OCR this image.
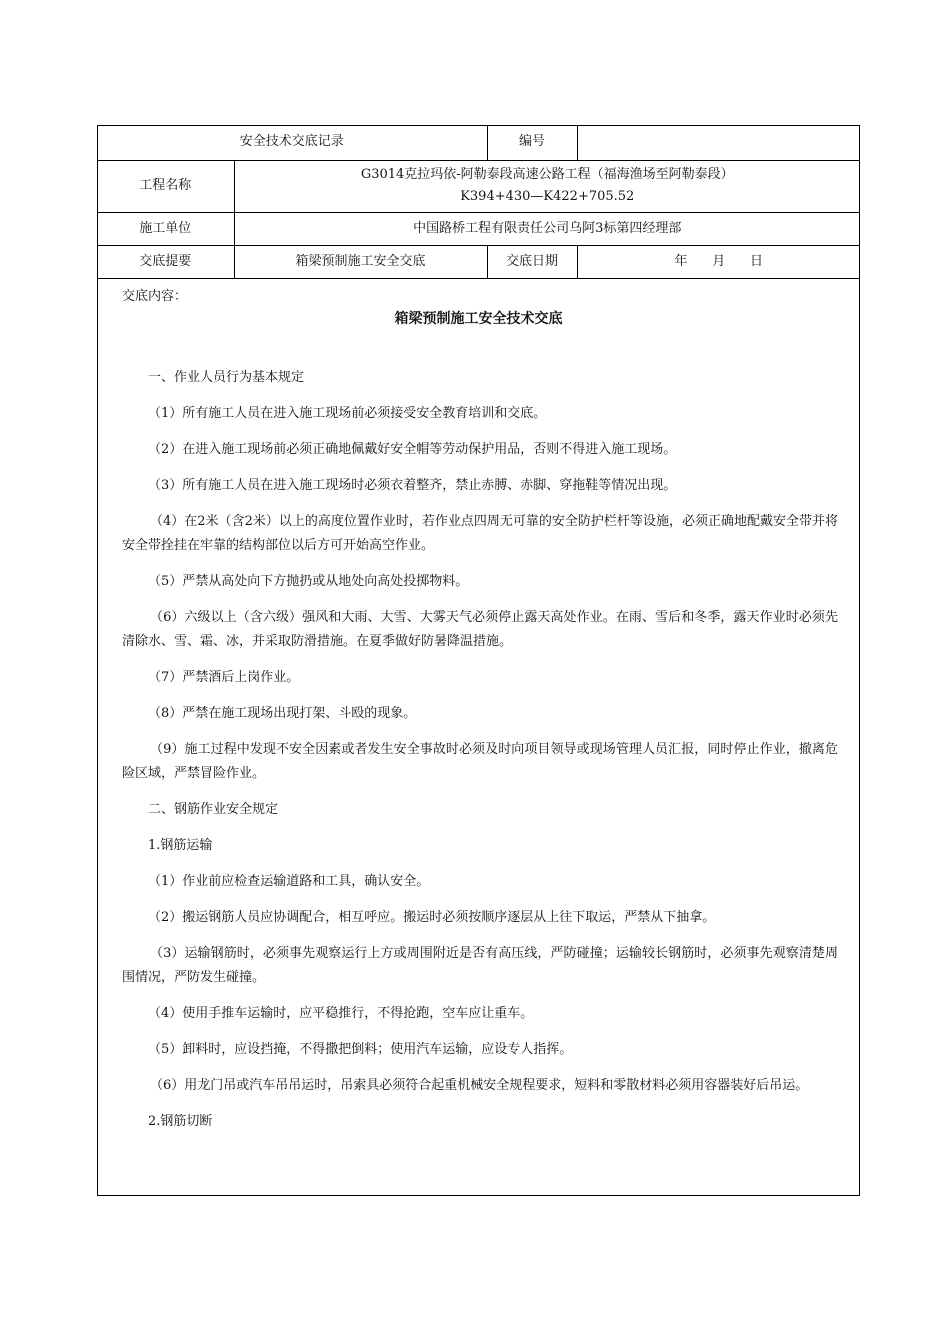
安全技术交底记录		编号	
工程名称	G3014克拉玛依-阿勒泰段高速公路工程（福海渔场至阿勒泰段）
K394+430—K422+705.52		

施工单位	中国路桥工程有限责任公司乌阿3标第四经理部		
交底提要	箱梁预制施工安全交底	交底日期	年      月      日
交底内容：
箱梁预制施工安全技术交底

一、作业人员行为基本规定

（1）所有施工人员在进入施工现场前必须接受安全教育培训和交底。

（2）在进入施工现场前必须正确地佩戴好安全帽等劳动保护用品，否则不得进入施工现场。

（3）所有施工人员在进入施工现场时必须衣着整齐，禁止赤膊、赤脚、穿拖鞋等情况出现。

（4）在2米（含2米）以上的高度位置作业时，若作业点四周无可靠的安全防护栏杆等设施，必须正确地配戴安全带并将安全带拴挂在牢靠的结构部位以后方可开始高空作业。

（5）严禁从高处向下方抛扔或从地处向高处投掷物料。

（6）六级以上（含六级）强风和大雨、大雪、大雾天气必须停止露天高处作业。在雨、雪后和冬季，露天作业时必须先清除水、雪、霜、冰，并采取防滑措施。在夏季做好防暑降温措施。

（7）严禁酒后上岗作业。

（8）严禁在施工现场出现打架、斗殴的现象。

（9）施工过程中发现不安全因素或者发生安全事故时必须及时向项目领导或现场管理人员汇报，同时停止作业，撤离危险区域，严禁冒险作业。

二、钢筋作业安全规定

1.钢筋运输

（1）作业前应检查运输道路和工具，确认安全。

（2）搬运钢筋人员应协调配合，相互呼应。搬运时必须按顺序逐层从上往下取运，严禁从下抽拿。

（3）运输钢筋时，必须事先观察运行上方或周围附近是否有高压线，严防碰撞；运输较长钢筋时，必须事先观察清楚周围情况，严防发生碰撞。

（4）使用手推车运输时，应平稳推行，不得抢跑，空车应让重车。

（5）卸料时，应设挡掩，不得撒把倒料；使用汽车运输，应设专人指挥。

（6）用龙门吊或汽车吊吊运时，吊索具必须符合起重机械安全规程要求，短料和零散材料必须用容器装好后吊运。

2.钢筋切断
